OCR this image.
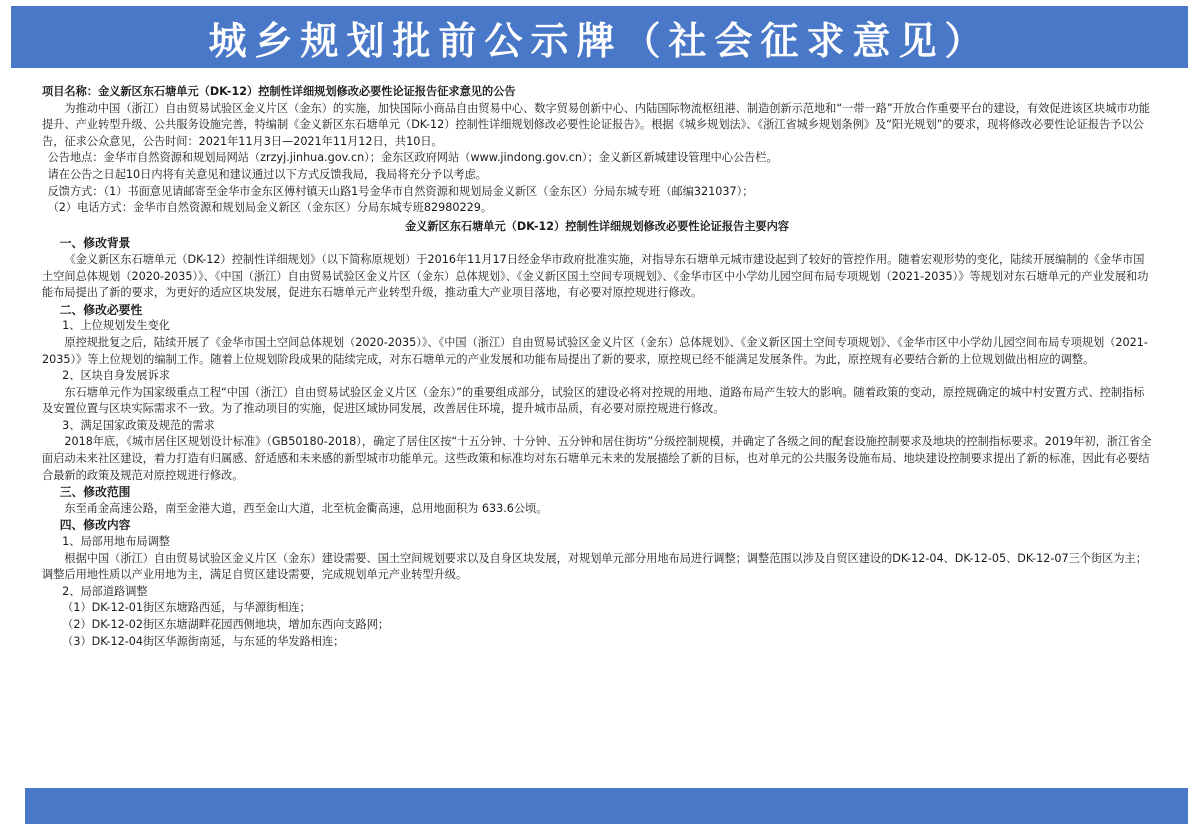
城乡规划批前公示牌（社会征求意见）

项目名称：金义新区东石塘单元（DK-12）控制性详细规划修改必要性论证报告征求意见的公告

为推动中国（浙江）自由贸易试验区金义片区（金东）的实施，加快国际小商品自由贸易中心、数字贸易创新中心、内陆国际物流枢纽港、制造创新示范地和“一带一路”开放合作重要平台的建设，有效促进该区块城市功能提升、产业转型升级、公共服务设施完善，特编制《金义新区东石塘单元（DK-12）控制性详细规划修改必要性论证报告》。根据《城乡规划法》、《浙江省城乡规划条例》及“阳光规划”的要求，现将修改必要性论证报告予以公告，征求公众意见，公告时间：2021年11月3日—2021年11月12日，共10日。

公告地点：金华市自然资源和规划局网站（zrzyj.jinhua.gov.cn）；金东区政府网站（www.jindong.gov.cn）；金义新区新城建设管理中心公告栏。

请在公告之日起10日内将有关意见和建议通过以下方式反馈我局，我局将充分予以考虑。

反馈方式：（1）书面意见请邮寄至金华市金东区傅村镇天山路1号金华市自然资源和规划局金义新区（金东区）分局东城专班（邮编321037）；

（2）电话方式：金华市自然资源和规划局金义新区（金东区）分局东城专班82980229。

金义新区东石塘单元（DK-12）控制性详细规划修改必要性论证报告主要内容

一、修改背景

《金义新区东石塘单元（DK-12）控制性详细规划》（以下简称原规划）于2016年11月17日经金华市政府批准实施，对指导东石塘单元城市建设起到了较好的管控作用。随着宏观形势的变化，陆续开展编制的《金华市国土空间总体规划（2020-2035）》、《中国（浙江）自由贸易试验区金义片区（金东）总体规划》、《金义新区国土空间专项规划》、《金华市区中小学幼儿园空间布局专项规划（2021-2035）》等规划对东石塘单元的产业发展和功能布局提出了新的要求，为更好的适应区块发展，促进东石塘单元产业转型升级，推动重大产业项目落地，有必要对原控规进行修改。

二、修改必要性

1、上位规划发生变化

原控规批复之后，陆续开展了《金华市国土空间总体规划（2020-2035）》、《中国（浙江）自由贸易试验区金义片区（金东）总体规划》、《金义新区国土空间专项规划》、《金华市区中小学幼儿园空间布局专项规划（2021-2035）》等上位规划的编制工作。随着上位规划阶段成果的陆续完成，对东石塘单元的产业发展和功能布局提出了新的要求，原控规已经不能满足发展条件。为此，原控规有必要结合新的上位规划做出相应的调整。

2、区块自身发展诉求

东石塘单元作为国家级重点工程“中国（浙江）自由贸易试验区金义片区（金东）”的重要组成部分，试验区的建设必将对控规的用地、道路布局产生较大的影响。随着政策的变动，原控规确定的城中村安置方式、控制指标及安置位置与区块实际需求不一致。为了推动项目的实施，促进区域协同发展，改善居住环境，提升城市品质，有必要对原控规进行修改。

3、满足国家政策及规范的需求

2018年底，《城市居住区规划设计标准》（GB50180-2018），确定了居住区按“十五分钟、十分钟、五分钟和居住街坊”分级控制规模，并确定了各级之间的配套设施控制要求及地块的控制指标要求。2019年初，浙江省全面启动未来社区建设，着力打造有归属感、舒适感和未来感的新型城市功能单元。这些政策和标准均对东石塘单元未来的发展描绘了新的目标，也对单元的公共服务设施布局、地块建设控制要求提出了新的标准，因此有必要结合最新的政策及规范对原控规进行修改。

三、修改范围

东至甬金高速公路，南至金港大道，西至金山大道，北至杭金衢高速，总用地面积为 633.6公顷。

四、修改内容

1、局部用地布局调整

根据中国（浙江）自由贸易试验区金义片区（金东）建设需要、国土空间规划要求以及自身区块发展，对规划单元部分用地布局进行调整；调整范围以涉及自贸区建设的DK-12-04、DK-12-05、DK-12-07三个街区为主；调整后用地性质以产业用地为主，满足自贸区建设需要，完成规划单元产业转型升级。

2、局部道路调整

（1）DK-12-01街区东塘路西延，与华源街相连；

（2）DK-12-02街区东塘湖畔花园西侧地块，增加东西向支路网；

（3）DK-12-04街区华源街南延，与东延的华发路相连；
